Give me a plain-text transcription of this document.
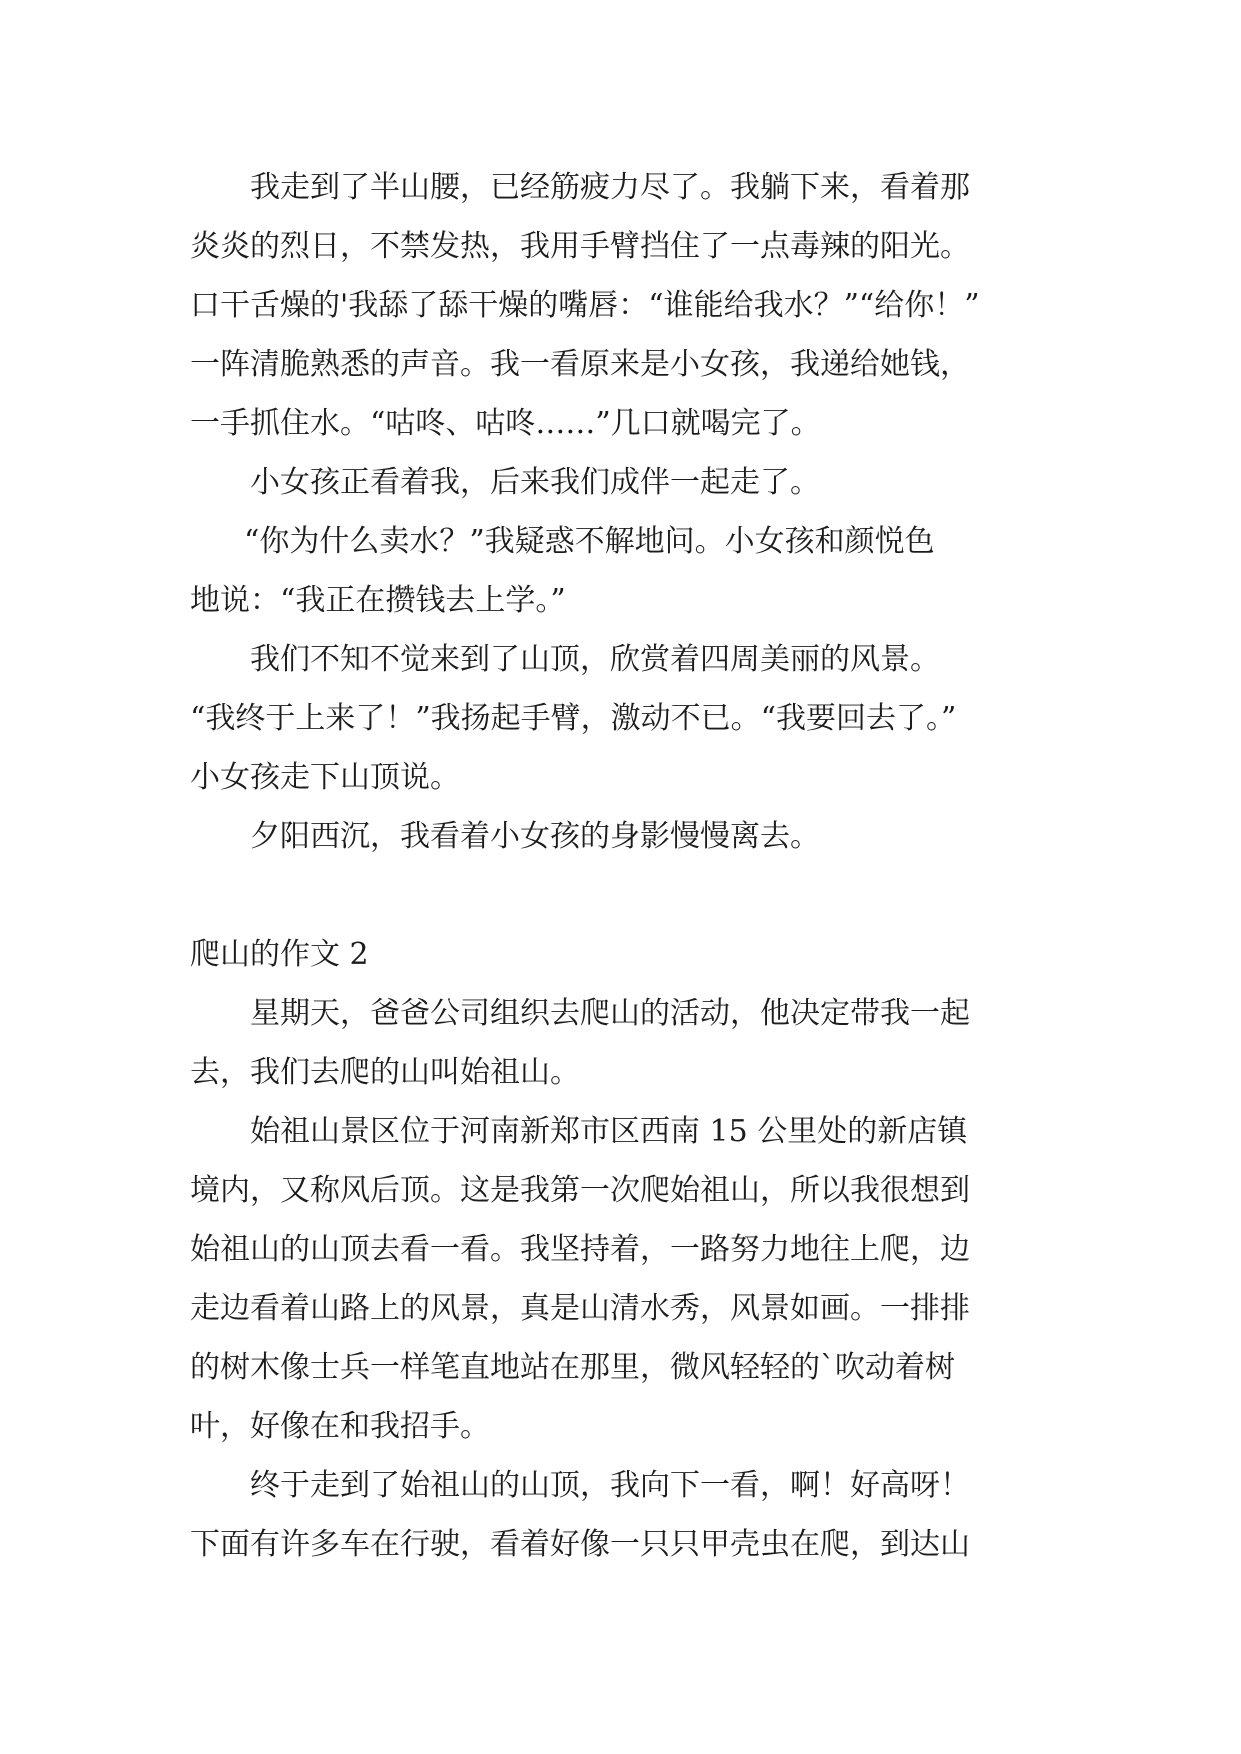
我走到了半山腰，已经筋疲力尽了。我躺下来，看着那
炎炎的烈日，不禁发热，我用手臂挡住了一点毒辣的阳光。
口干舌燥的'我舔了舔干燥的嘴唇：“谁能给我水？”“给你！”
一阵清脆熟悉的声音。我一看原来是小女孩，我递给她钱，
一手抓住水。“咕咚、咕咚……”几口就喝完了。
小女孩正看着我，后来我们成伴一起走了。
“你为什么卖水？”我疑惑不解地问。小女孩和颜悦色
地说：“我正在攒钱去上学。”
我们不知不觉来到了山顶，欣赏着四周美丽的风景。
“我终于上来了！”我扬起手臂，激动不已。“我要回去了。”
小女孩走下山顶说。
夕阳西沉，我看着小女孩的身影慢慢离去。
爬山的作文 2
星期天，爸爸公司组织去爬山的活动，他决定带我一起
去，我们去爬的山叫始祖山。
始祖山景区位于河南新郑市区西南 15 公里处的新店镇
境内，又称风后顶。这是我第一次爬始祖山，所以我很想到
始祖山的山顶去看一看。我坚持着，一路努力地往上爬，边
走边看着山路上的风景，真是山清水秀，风景如画。一排排
的树木像士兵一样笔直地站在那里，微风轻轻的`吹动着树
叶，好像在和我招手。
终于走到了始祖山的山顶，我向下一看，啊！好高呀！
下面有许多车在行驶，看着好像一只只甲壳虫在爬，到达山
